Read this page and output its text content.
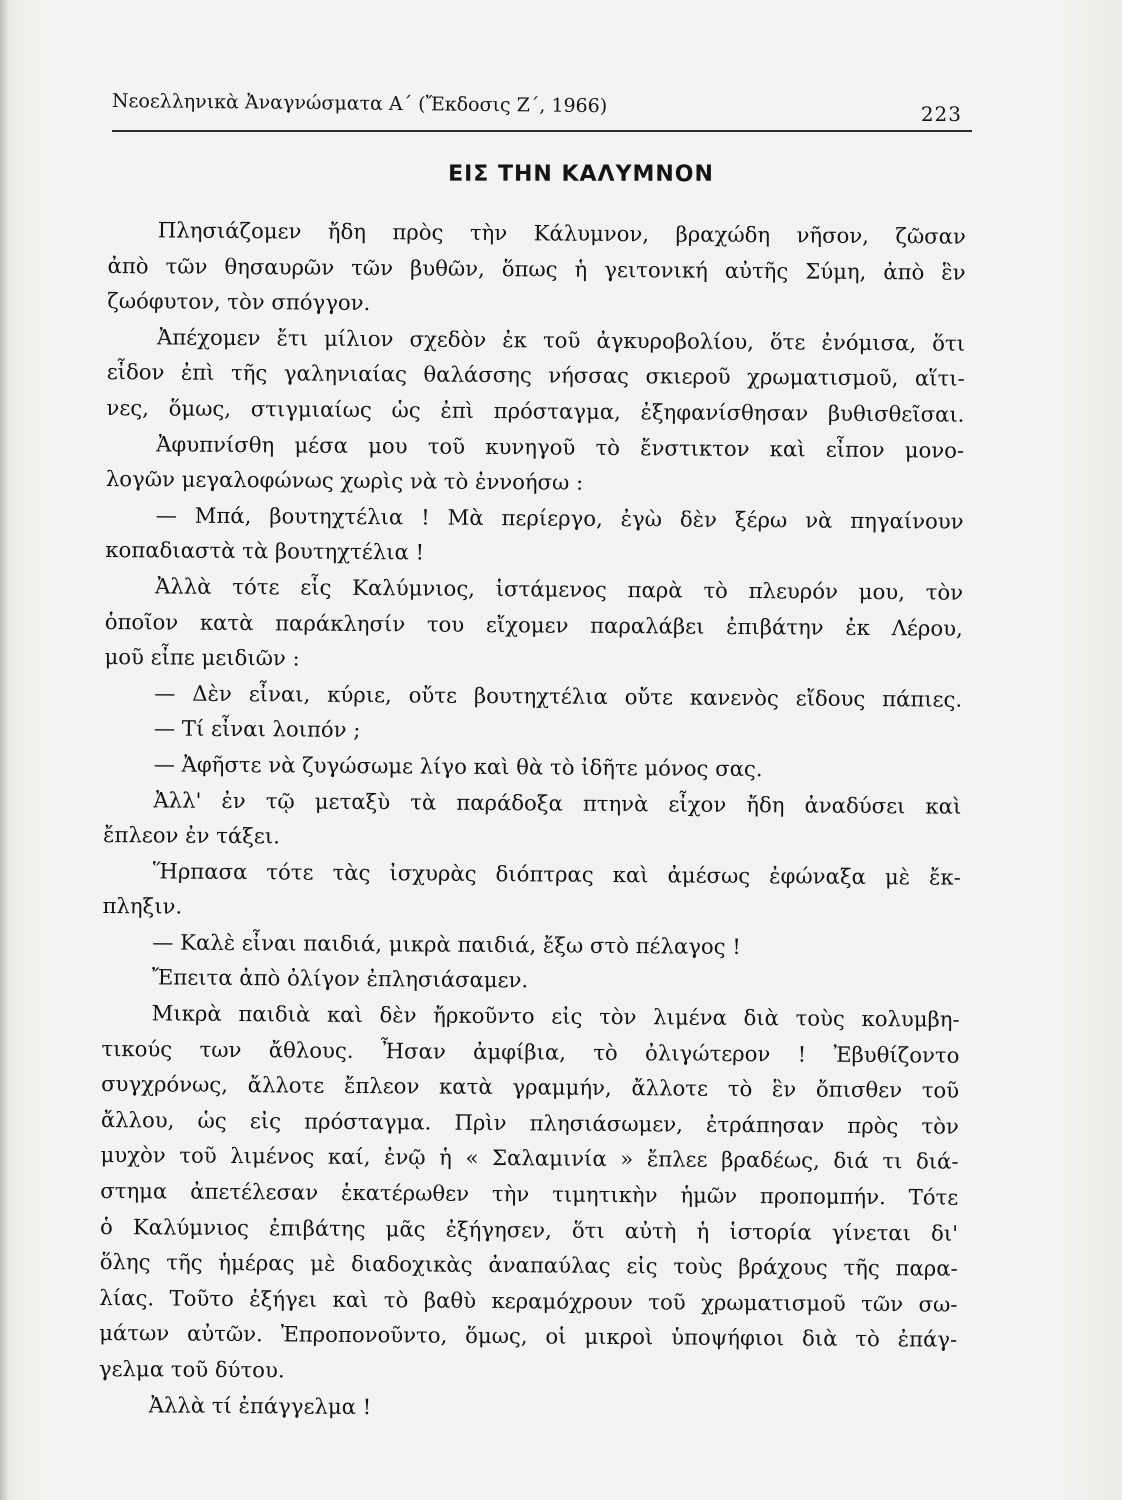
Νεοελληνικὰ Ἀναγνώσματα Α΄ (Ἔκδοσις Ζ΄, 1966)	223
ΕΙΣ ΤΗΝ ΚΑΛΥΜΝΟΝ
Πλησιάζομεν ἤδη πρὸς τὴν Κάλυμνον, βραχώδη νῆσον, ζῶσαν
ἀπὸ τῶν θησαυρῶν τῶν βυθῶν, ὅπως ἡ γειτονική αὐτῆς Σύμη, ἀπὸ ἓν
ζωόφυτον, τὸν σπόγγον.
Ἀπέχομεν ἔτι μίλιον σχεδὸν ἐκ τοῦ ἀγκυροβολίου, ὅτε ἐνόμισα, ὅτι
εἶδον ἐπὶ τῆς γαληνιαίας θαλάσσης νήσσας σκιεροῦ χρωματισμοῦ, αἵτι-
νες, ὅμως, στιγμιαίως ὡς ἐπὶ πρόσταγμα, ἐξηφανίσθησαν βυθισθεῖσαι.
Ἀφυπνίσθη μέσα μου τοῦ κυνηγοῦ τὸ ἔνστικτον καὶ εἶπον μονο-
λογῶν μεγαλοφώνως χωρὶς νὰ τὸ ἐννοήσω :
— Μπά, βουτηχτέλια ! Μὰ περίεργο, ἐγὼ δὲν ξέρω νὰ πηγαίνουν
κοπαδιαστὰ τὰ βουτηχτέλια !
Ἀλλὰ τότε εἷς Καλύμνιος, ἱστάμενος παρὰ τὸ πλευρόν μου, τὸν
ὁποῖον κατὰ παράκλησίν του εἴχομεν παραλάβει ἐπιβάτην ἐκ Λέρου,
μοῦ εἶπε μειδιῶν :
— Δὲν εἶναι, κύριε, οὔτε βουτηχτέλια οὔτε κανενὸς εἴδους πάπιες.
— Τί εἶναι λοιπόν ;
— Ἀφῆστε νὰ ζυγώσωμε λίγο καὶ θὰ τὸ ἰδῆτε μόνος σας.
Ἀλλ' ἐν τῷ μεταξὺ τὰ παράδοξα πτηνὰ εἶχον ἤδη ἀναδύσει καὶ
ἔπλεον ἐν τάξει.
Ἥρπασα τότε τὰς ἰσχυρὰς διόπτρας καὶ ἀμέσως ἐφώναξα μὲ ἔκ-
πληξιν.
— Καλὲ εἶναι παιδιά, μικρὰ παιδιά, ἔξω στὸ πέλαγος !
Ἔπειτα ἀπὸ ὀλίγον ἐπλησιάσαμεν.
Μικρὰ παιδιὰ καὶ δὲν ἤρκοῦντο εἰς τὸν λιμένα διὰ τοὺς κολυμβη-
τικούς των ἄθλους. Ἦσαν ἀμφίβια, τὸ ὀλιγώτερον ! Ἐβυθίζοντο
συγχρόνως, ἄλλοτε ἔπλεον κατὰ γραμμήν, ἄλλοτε τὸ ἓν ὄπισθεν τοῦ
ἄλλου, ὡς εἰς πρόσταγμα. Πρὶν πλησιάσωμεν, ἐτράπησαν πρὸς τὸν
μυχὸν τοῦ λιμένος καί, ἐνῷ ἡ « Σαλαμινία » ἔπλεε βραδέως, διά τι διά-
στημα ἀπετέλεσαν ἑκατέρωθεν τὴν τιμητικὴν ἡμῶν προπομπήν. Τότε
ὁ Καλύμνιος ἐπιβάτης μᾶς ἐξήγησεν, ὅτι αὐτὴ ἡ ἱστορία γίνεται δι'
ὅλης τῆς ἡμέρας μὲ διαδοχικὰς ἀναπαύλας εἰς τοὺς βράχους τῆς παρα-
λίας. Τοῦτο ἐξήγει καὶ τὸ βαθὺ κεραμόχρουν τοῦ χρωματισμοῦ τῶν σω-
μάτων αὐτῶν. Ἐπροπονοῦντο, ὅμως, οἱ μικροὶ ὑποψήφιοι διὰ τὸ ἐπάγ-
γελμα τοῦ δύτου.
Ἀλλὰ τί ἐπάγγελμα !
